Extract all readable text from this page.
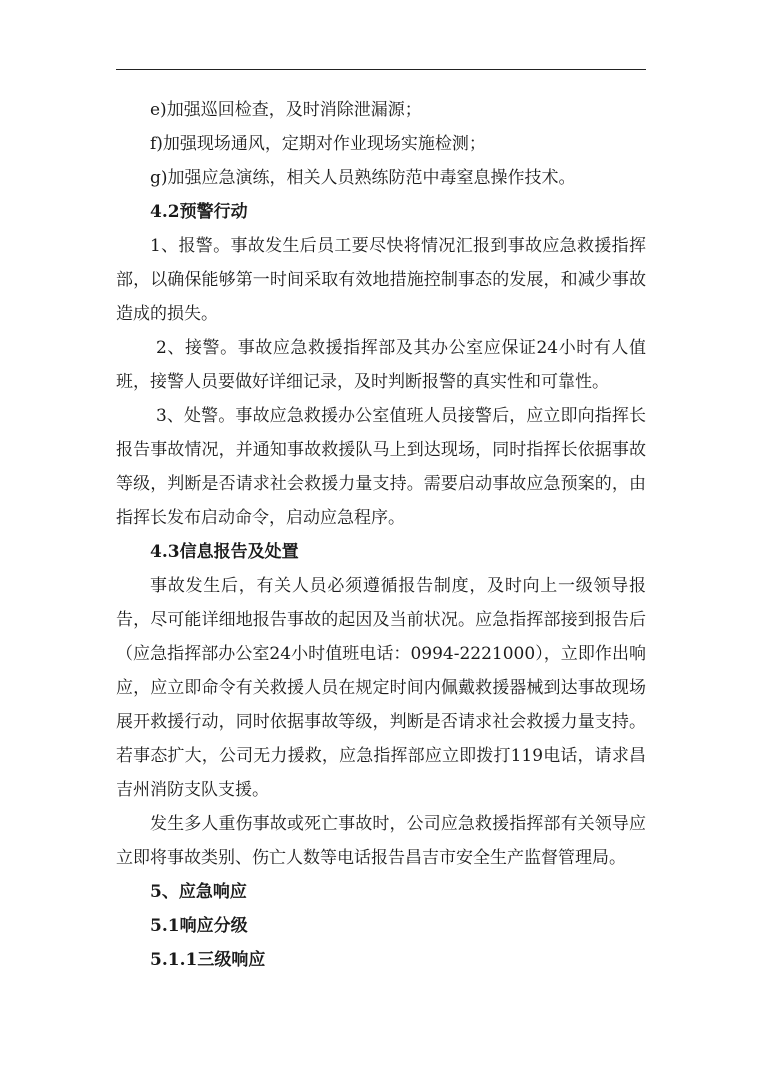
e)加强巡回检查，及时消除泄漏源；

f)加强现场通风，定期对作业现场实施检测；

g)加强应急演练，相关人员熟练防范中毒窒息操作技术。

4.2预警行动

1、报警。事故发生后员工要尽快将情况汇报到事故应急救援指挥部，以确保能够第一时间采取有效地措施控制事态的发展，和减少事故造成的损失。

2、接警。事故应急救援指挥部及其办公室应保证24小时有人值班，接警人员要做好详细记录，及时判断报警的真实性和可靠性。

3、处警。事故应急救援办公室值班人员接警后，应立即向指挥长报告事故情况，并通知事故救援队马上到达现场，同时指挥长依据事故等级，判断是否请求社会救援力量支持。需要启动事故应急预案的，由指挥长发布启动命令，启动应急程序。

4.3信息报告及处置

事故发生后，有关人员必须遵循报告制度，及时向上一级领导报告，尽可能详细地报告事故的起因及当前状况。应急指挥部接到报告后（应急指挥部办公室24小时值班电话：0994-2221000），立即作出响应，应立即命令有关救援人员在规定时间内佩戴救援器械到达事故现场展开救援行动，同时依据事故等级，判断是否请求社会救援力量支持。若事态扩大，公司无力援救，应急指挥部应立即拨打119电话，请求昌吉州消防支队支援。

发生多人重伤事故或死亡事故时，公司应急救援指挥部有关领导应立即将事故类别、伤亡人数等电话报告昌吉市安全生产监督管理局。

5、应急响应

5.1响应分级

5.1.1三级响应
